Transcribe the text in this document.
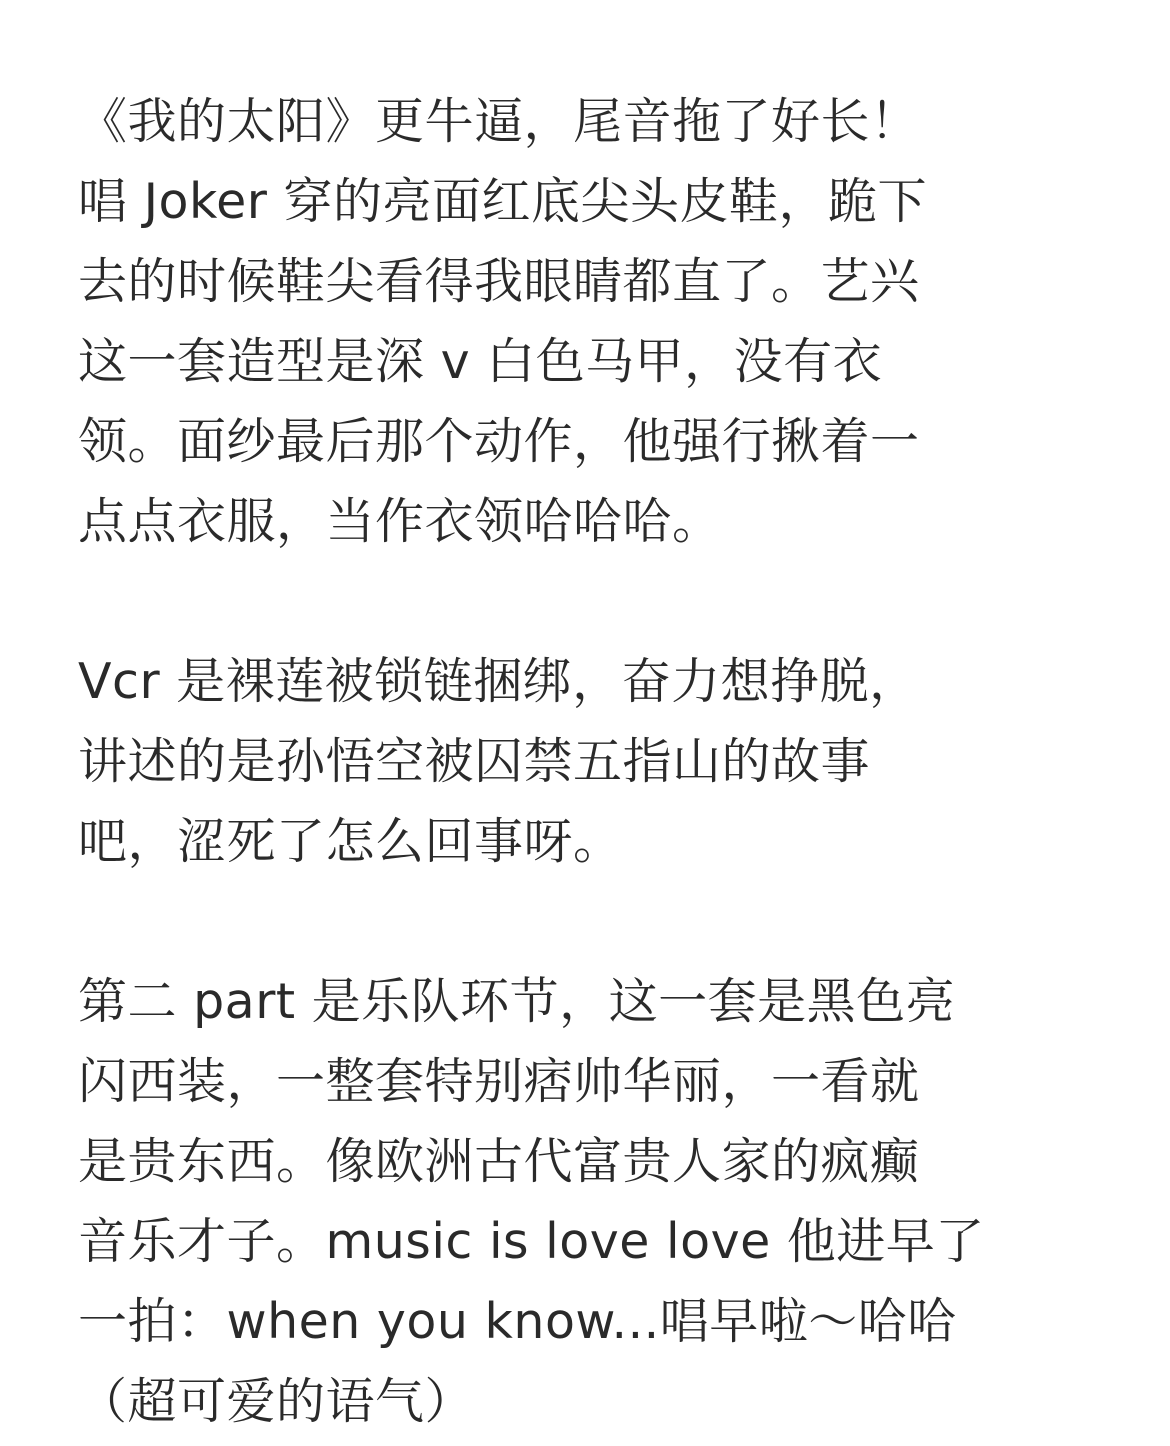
《我的太阳》更牛逼，尾音拖了好长！
唱 Joker 穿的亮面红底尖头皮鞋，跪下
去的时候鞋尖看得我眼睛都直了。艺兴
这一套造型是深 v 白色马甲，没有衣
领。面纱最后那个动作，他强行揪着一
点点衣服，当作衣领哈哈哈。

Vcr 是裸莲被锁链捆绑，奋力想挣脱，
讲述的是孙悟空被囚禁五指山的故事
吧，涩死了怎么回事呀。

第二 part 是乐队环节，这一套是黑色亮
闪西装，一整套特别痞帅华丽，一看就
是贵东西。像欧洲古代富贵人家的疯癫
音乐才子。music is love love 他进早了
一拍：when you know...唱早啦～哈哈
（超可爱的语气）
